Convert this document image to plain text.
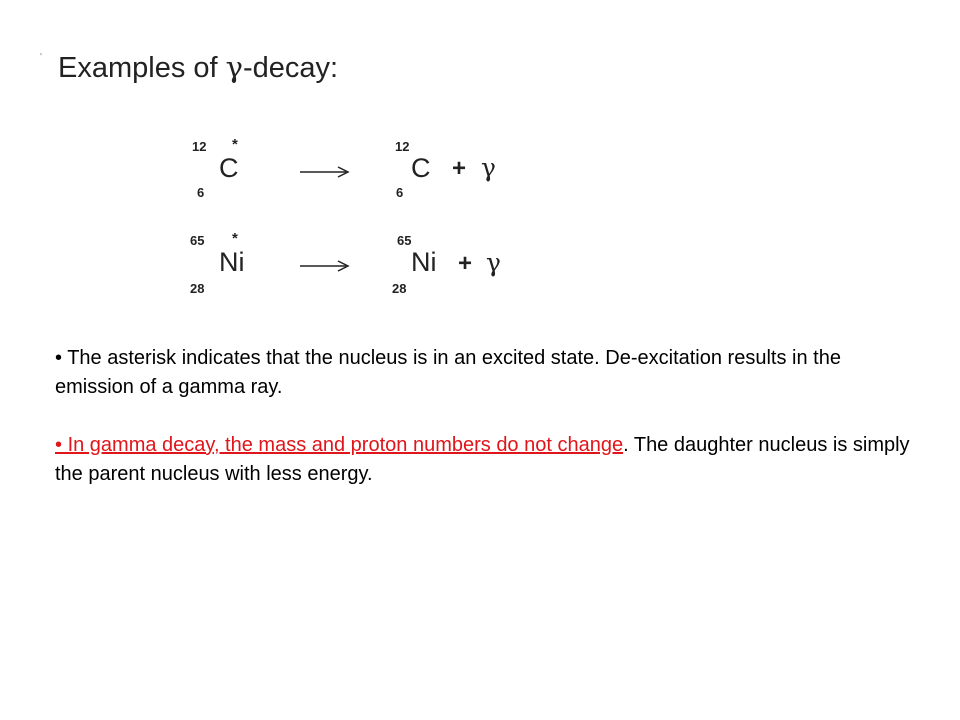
' Examples of γ-decay:
12 *
C
6
12
C
6
+ γ
65 *
Ni
28
65
Ni
28
+ γ
• The asterisk indicates that the nucleus is in an excited state. De-excitation results in the emission of a gamma ray.
• In gamma decay, the mass and proton numbers do not change. The daughter nucleus is simply the parent nucleus with less energy.
